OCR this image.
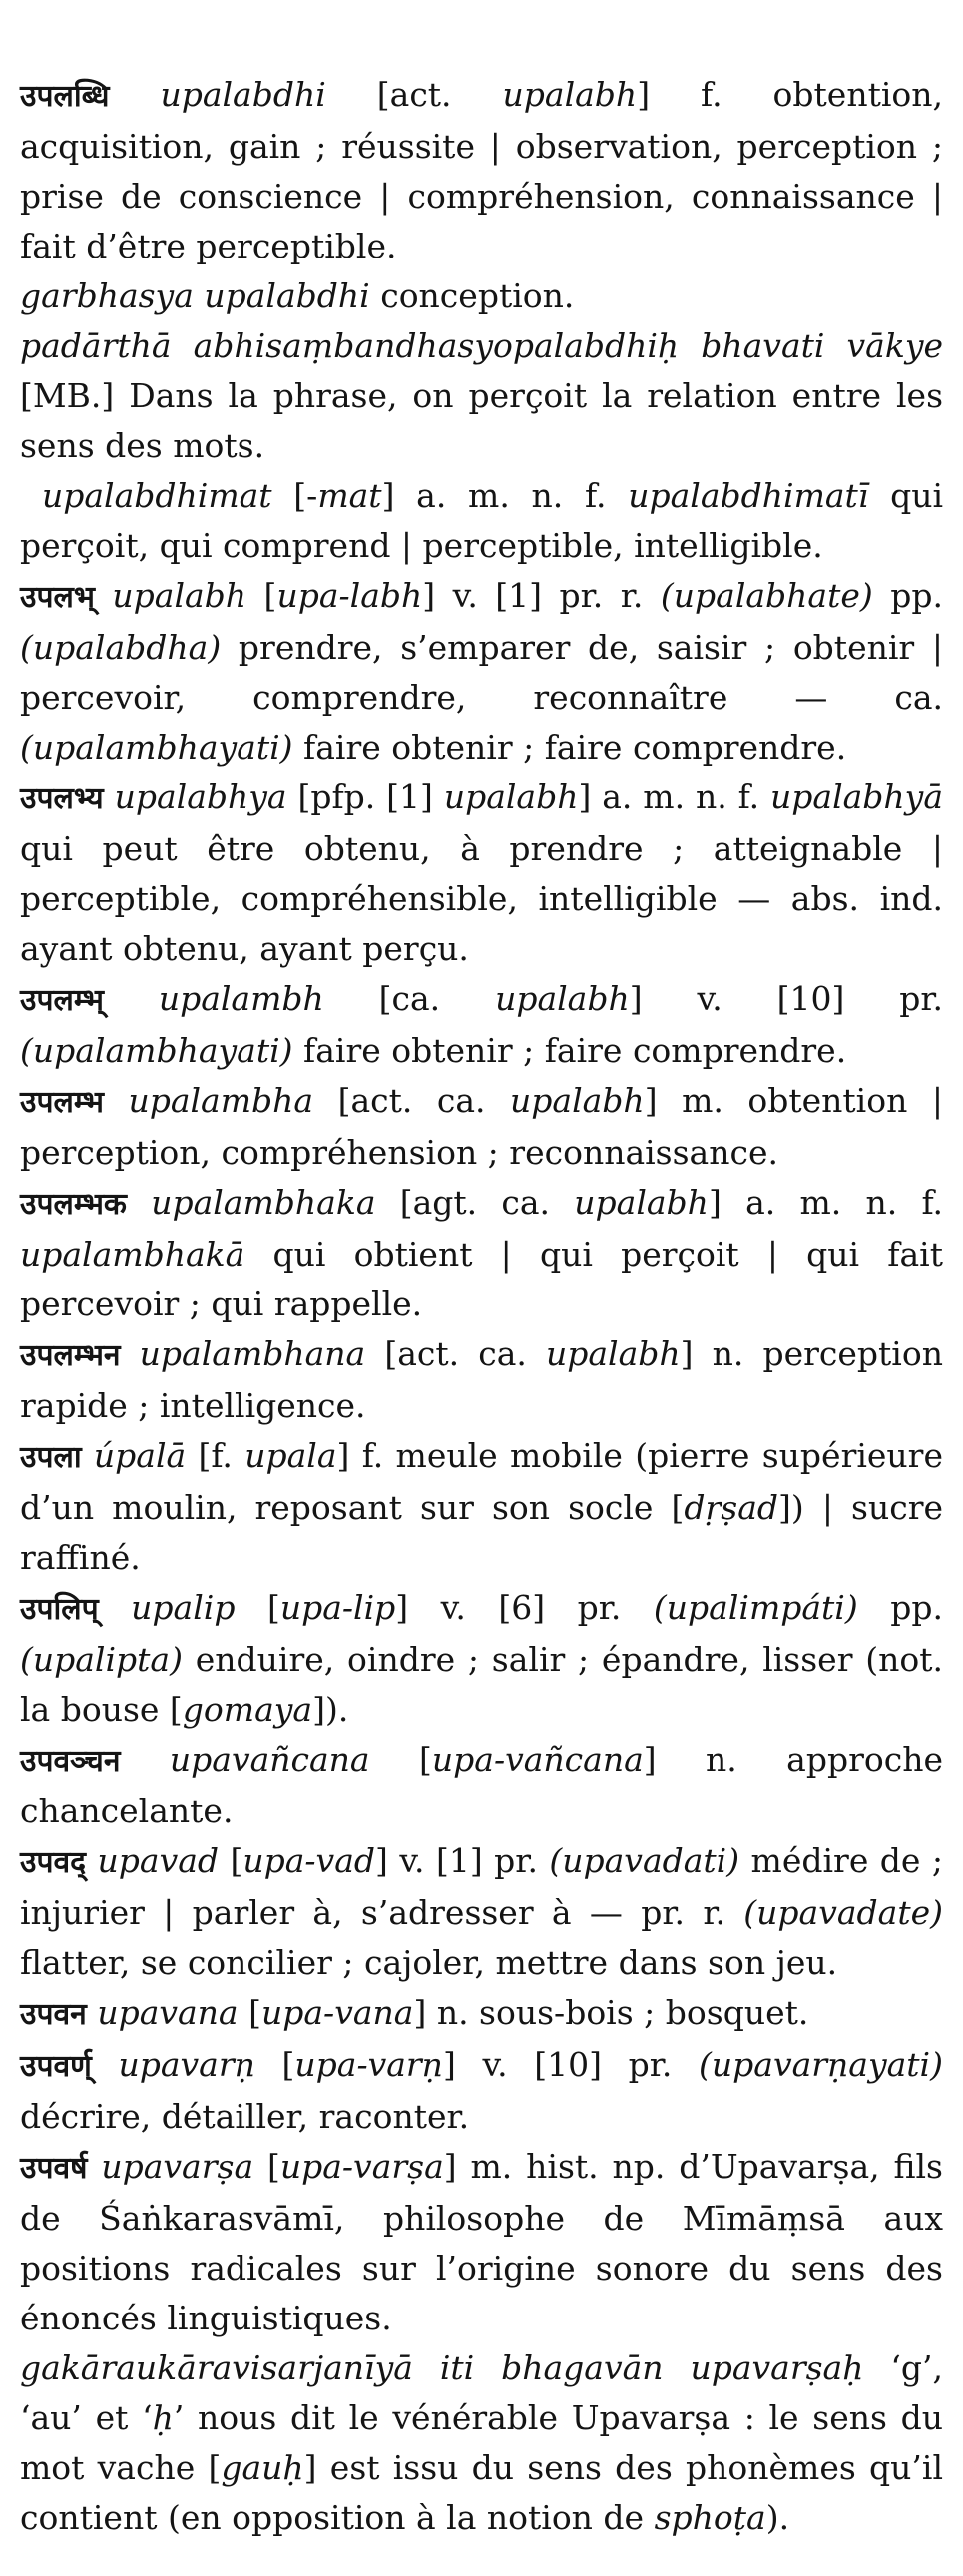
उपलब्धि upalabdhi [act. upalabh] f. obtention, acquisition, gain ; réussite | observation, perception ; prise de conscience | compréhension, connaissance | fait d’être perceptible.

garbhasya upalabdhi conception.

padārthā abhisaṃbandhasyopalabdhiḥ bhavati vākye [MB.] Dans la phrase, on perçoit la relation entre les sens des mots.

upalabdhimat [-mat] a. m. n. f. upalabdhimatī qui perçoit, qui comprend | perceptible, intelligible.

उपलभ् upalabh [upa-labh] v. [1] pr. r. (upalabhate) pp. (upalabdha) prendre, s’emparer de, saisir ; obtenir | percevoir, comprendre, reconnaître — ca. (upalambhayati) faire obtenir ; faire comprendre.

उपलभ्य upalabhya [pfp. [1] upalabh] a. m. n. f. upalabhyā qui peut être obtenu, à prendre ; atteignable | perceptible, compréhensible, intelligible — abs. ind. ayant obtenu, ayant perçu.

उपलम्भ् upalambh [ca. upalabh] v. [10] pr. (upalambhayati) faire obtenir ; faire comprendre.

उपलम्भ upalambha [act. ca. upalabh] m. obtention | perception, compréhension ; reconnaissance.

उपलम्भक upalambhaka [agt. ca. upalabh] a. m. n. f. upalambhakā qui obtient | qui perçoit | qui fait percevoir ; qui rappelle.

उपलम्भन upalambhana [act. ca. upalabh] n. perception rapide ; intelligence.

उपला úpalā [f. upala] f. meule mobile (pierre supérieure d’un moulin, reposant sur son socle [dṛṣad]) | sucre raffiné.

उपलिप् upalip [upa-lip] v. [6] pr. (upalimpáti) pp. (upalipta) enduire, oindre ; salir ; épandre, lisser (not. la bouse [gomaya]).

उपवञ्चन upavañcana [upa-vañcana] n. approche chancelante.

उपवद् upavad [upa-vad] v. [1] pr. (upavadati) médire de ; injurier | parler à, s’adresser à — pr. r. (upavadate) flatter, se concilier ; cajoler, mettre dans son jeu.

उपवन upavana [upa-vana] n. sous-bois ; bosquet.

उपवर्ण् upavarṇ [upa-varṇ] v. [10] pr. (upavarṇayati) décrire, détailler, raconter.

उपवर्ष upavarṣa [upa-varṣa] m. hist. np. d’Upavarṣa, fils de Śaṅkarasvāmī, philosophe de Mīmāṃsā aux positions radicales sur l’origine sonore du sens des énoncés linguistiques.

gakāraukāravisarjanīyā iti bhagavān upavarṣaḥ ‘g’, ‘au’ et ‘ḥ’ nous dit le vénérable Upavarṣa : le sens du mot vache [gauḥ] est issu du sens des phonèmes qu’il contient (en opposition à la notion de sphoṭa).
